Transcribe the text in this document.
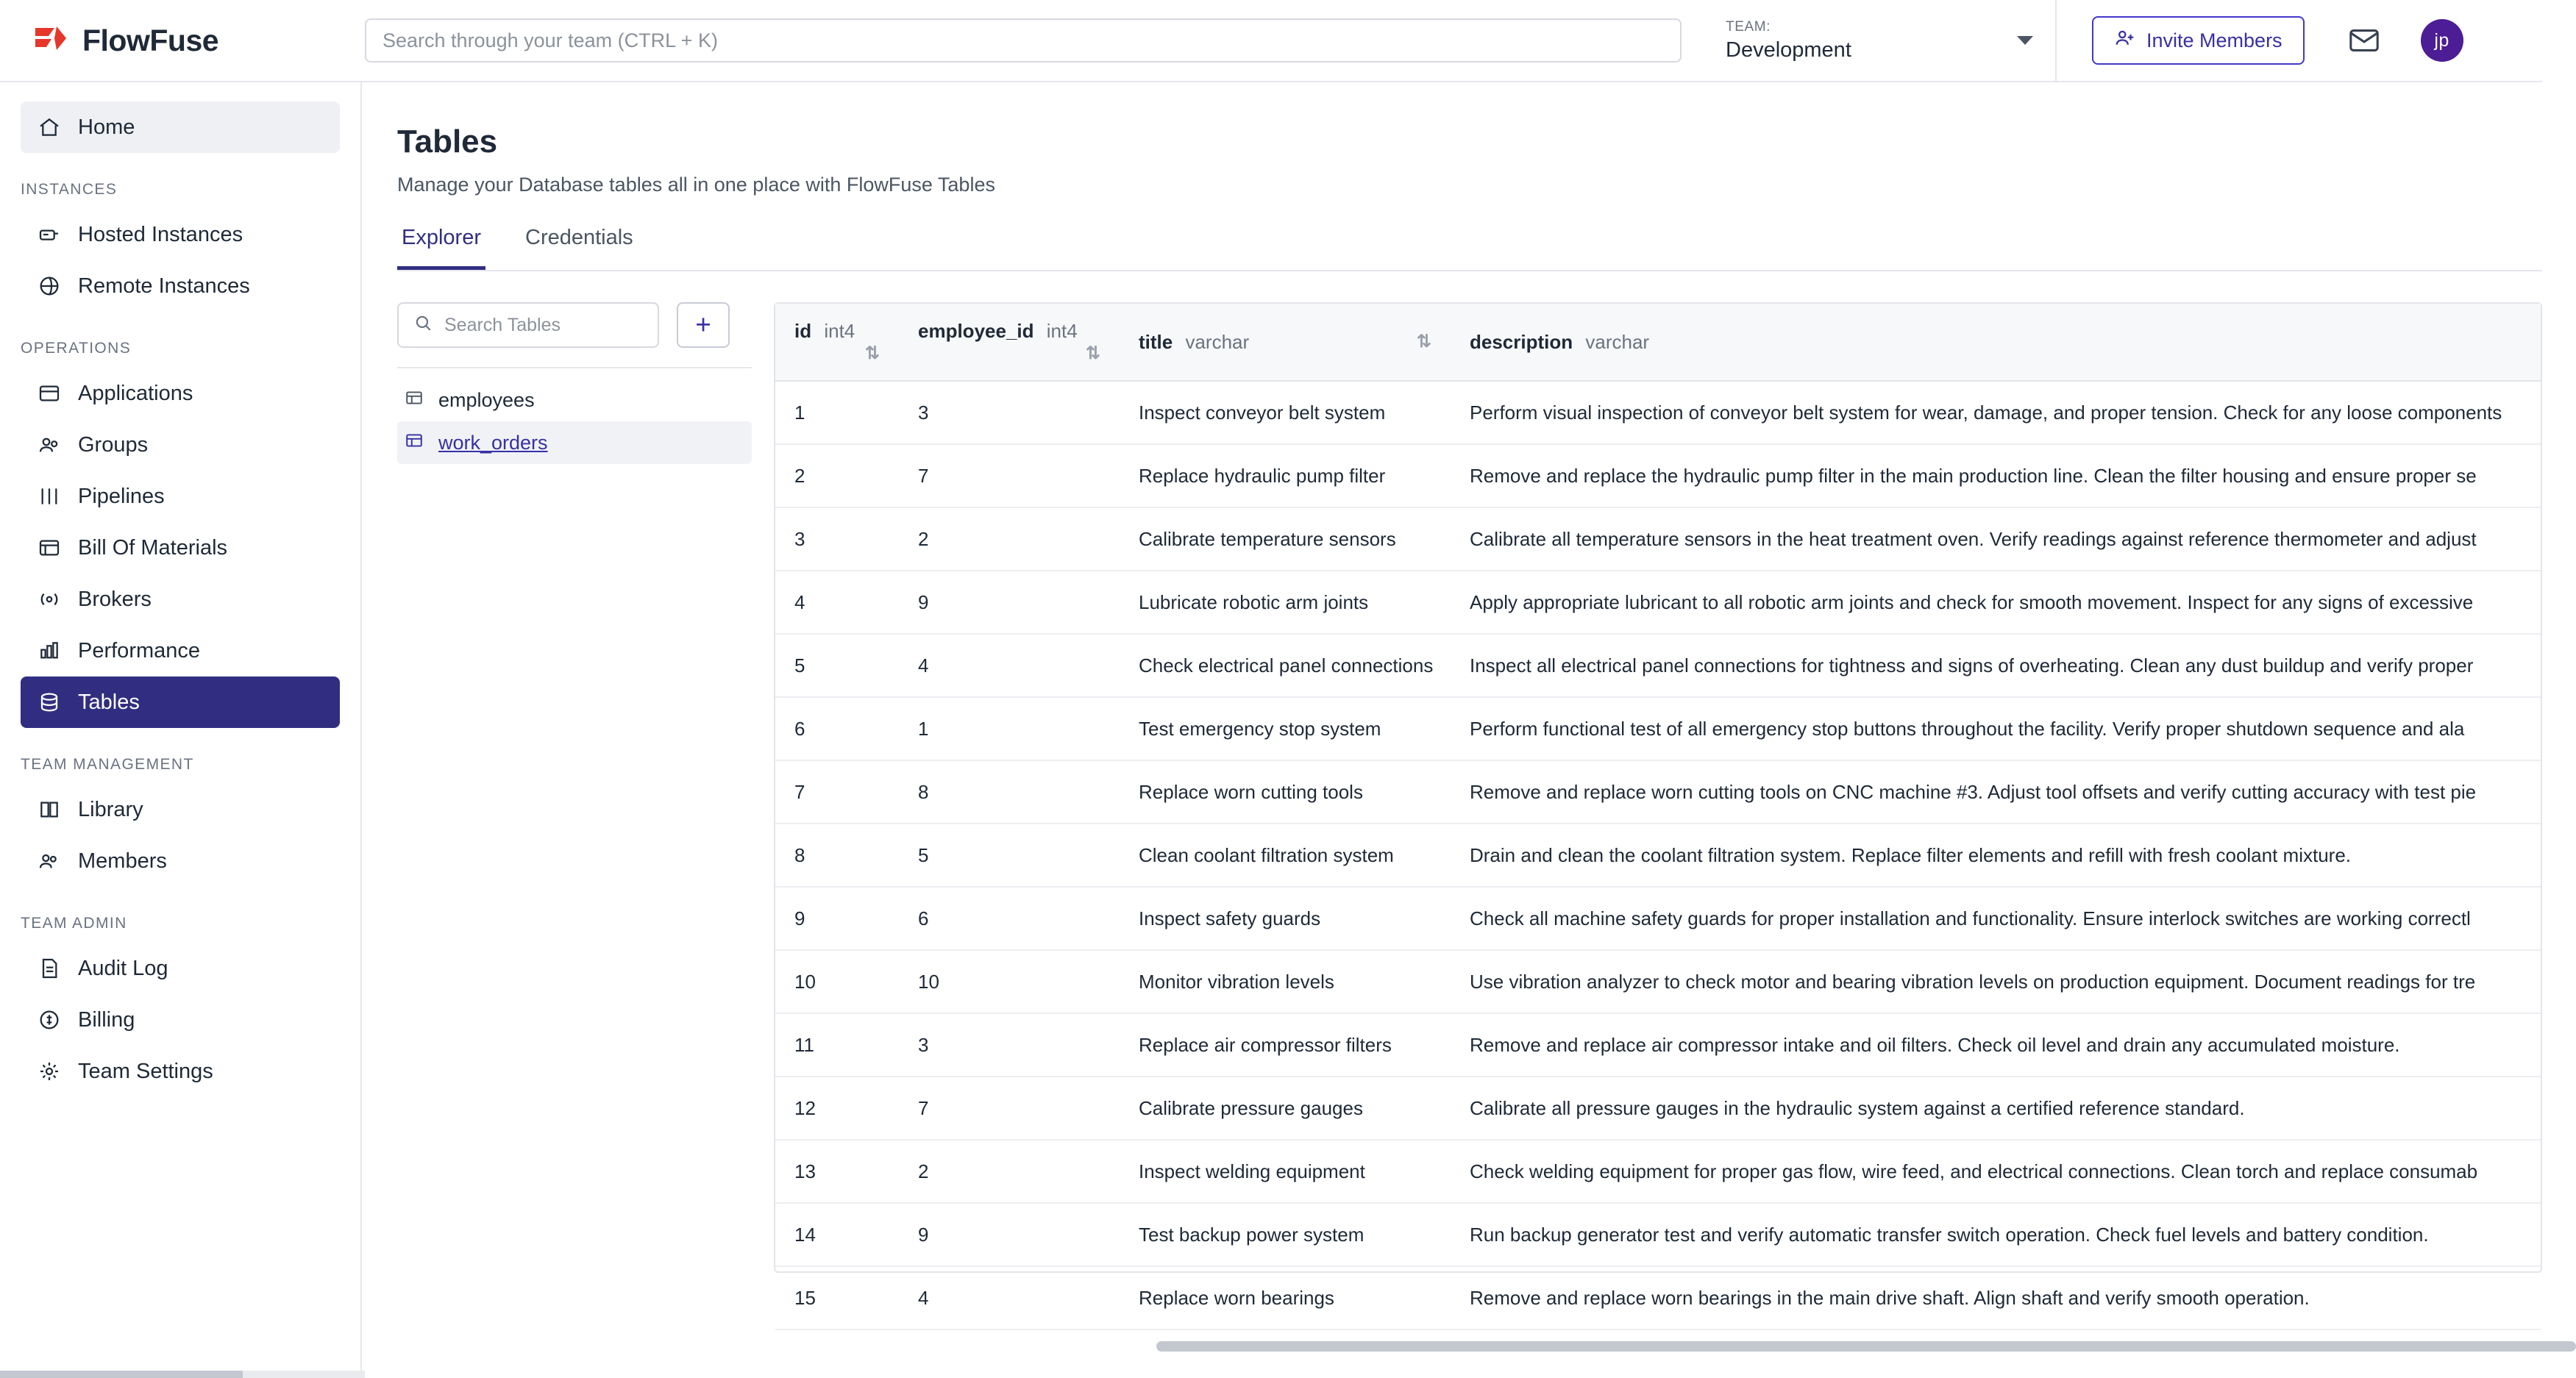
FlowFuse	Search through your team (CTRL + K)
TEAM:
Development	Invite Members	jp
Home
INSTANCES
Hosted Instances
Remote Instances
OPERATIONS
Applications
Groups
Pipelines
Bill Of Materials
Brokers
Performance
Tables
TEAM MANAGEMENT
Library
Members
TEAM ADMIN
Audit Log
Billing
Team Settings
Tables
Manage your Database tables all in one place with FlowFuse Tables
Explorer Credentials
Search Tables	+
employees
work_orders
id int4
⇅	employee_id int4
⇅	title varchar ⇅	description varchar
1	3	Inspect conveyor belt system	Perform visual inspection of conveyor belt system for wear, damage, and proper tension. Check for any loose components
2	7	Replace hydraulic pump filter	Remove and replace the hydraulic pump filter in the main production line. Clean the filter housing and ensure proper se
3	2	Calibrate temperature sensors	Calibrate all temperature sensors in the heat treatment oven. Verify readings against reference thermometer and adjust
4	9	Lubricate robotic arm joints	Apply appropriate lubricant to all robotic arm joints and check for smooth movement. Inspect for any signs of excessive
5	4	Check electrical panel connections	Inspect all electrical panel connections for tightness and signs of overheating. Clean any dust buildup and verify proper
6	1	Test emergency stop system	Perform functional test of all emergency stop buttons throughout the facility. Verify proper shutdown sequence and ala
7	8	Replace worn cutting tools	Remove and replace worn cutting tools on CNC machine #3. Adjust tool offsets and verify cutting accuracy with test pie
8	5	Clean coolant filtration system	Drain and clean the coolant filtration system. Replace filter elements and refill with fresh coolant mixture.
9	6	Inspect safety guards	Check all machine safety guards for proper installation and functionality. Ensure interlock switches are working correctl
10	10	Monitor vibration levels	Use vibration analyzer to check motor and bearing vibration levels on production equipment. Document readings for tre
11	3	Replace air compressor filters	Remove and replace air compressor intake and oil filters. Check oil level and drain any accumulated moisture.
12	7	Calibrate pressure gauges	Calibrate all pressure gauges in the hydraulic system against a certified reference standard.
13	2	Inspect welding equipment	Check welding equipment for proper gas flow, wire feed, and electrical connections. Clean torch and replace consumab
14	9	Test backup power system	Run backup generator test and verify automatic transfer switch operation. Check fuel levels and battery condition.
15	4	Replace worn bearings	Remove and replace worn bearings in the main drive shaft. Align shaft and verify smooth operation.
